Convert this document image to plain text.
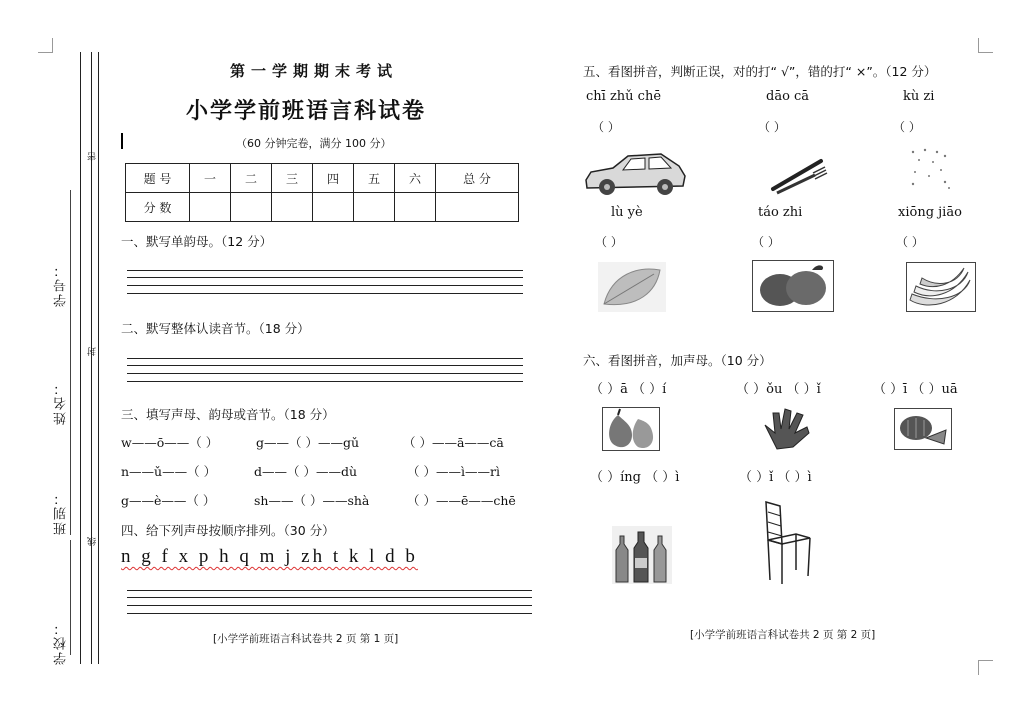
学号：
姓名：
班别：
学校：
密
封
线
第一学期期末考试
小学学前班语言科试卷
（60 分钟完卷，满分 100 分）
题 号	一	二	三	四	五	六	总 分
分 数							
一、默写单韵母。（12 分）
二、默写整体认读音节。（18 分）
三、填写声母、韵母或音节。（18 分）
w——ō——（ ）	g——（ ）——gǔ	（ ）——ā——cā
n——ǔ——（ ）	d——（ ）——dù	（ ）——ì——rì
g——è——（ ）	sh——（ ）——shà	（ ）——ē——chē
四、给下列声母按顺序排列。（30 分）
n g f x p h q m j zh t k l d b
[小学学前班语言科试卷共 2 页 第 1 页]
五、看图拼音，判断正误，对的打“ √”，错的打“ ×”。（12 分）
chī zhǔ chē
（ ）
dāo cā
（ ）
kù zi
（ ）
lù yè
（ ）
táo zhi
（ ）
xiōng jiāo
（ ）
六、看图拼音，加声母。（10 分）
（ ）ā （ ）í	（ ）ǒu （ ）ǐ	（ ）ī （ ）uā
（ ）íng （ ）ì	（ ）ǐ （ ）ì
[小学学前班语言科试卷共 2 页 第 2 页]
